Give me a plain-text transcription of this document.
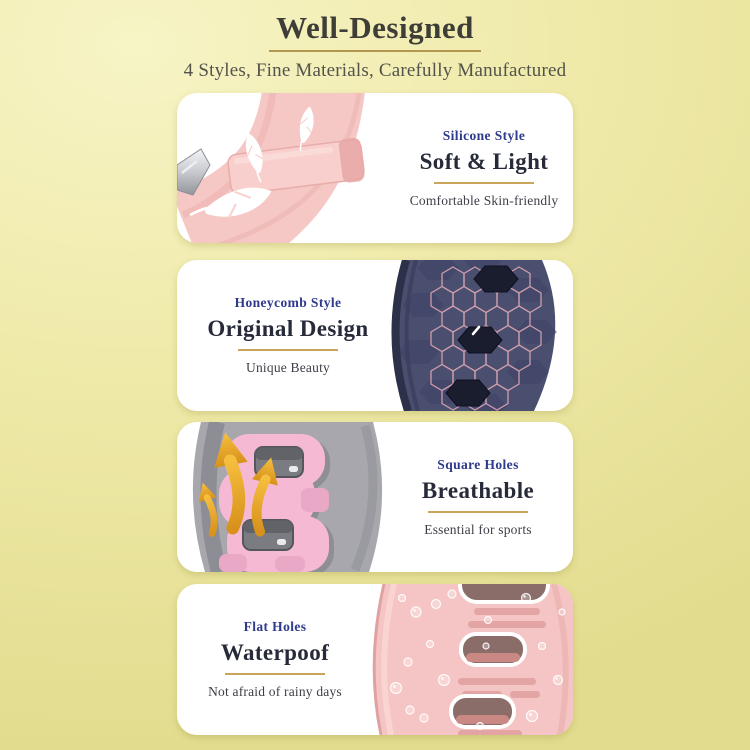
Well-Designed
4 Styles, Fine Materials, Carefully Manufactured
Silicone Style
Soft & Light
Comfortable Skin-friendly
Honeycomb Style
Original Design
Unique Beauty
Square Holes
Breathable
Essential for sports
Flat Holes
Waterpoof
Not afraid of rainy days
